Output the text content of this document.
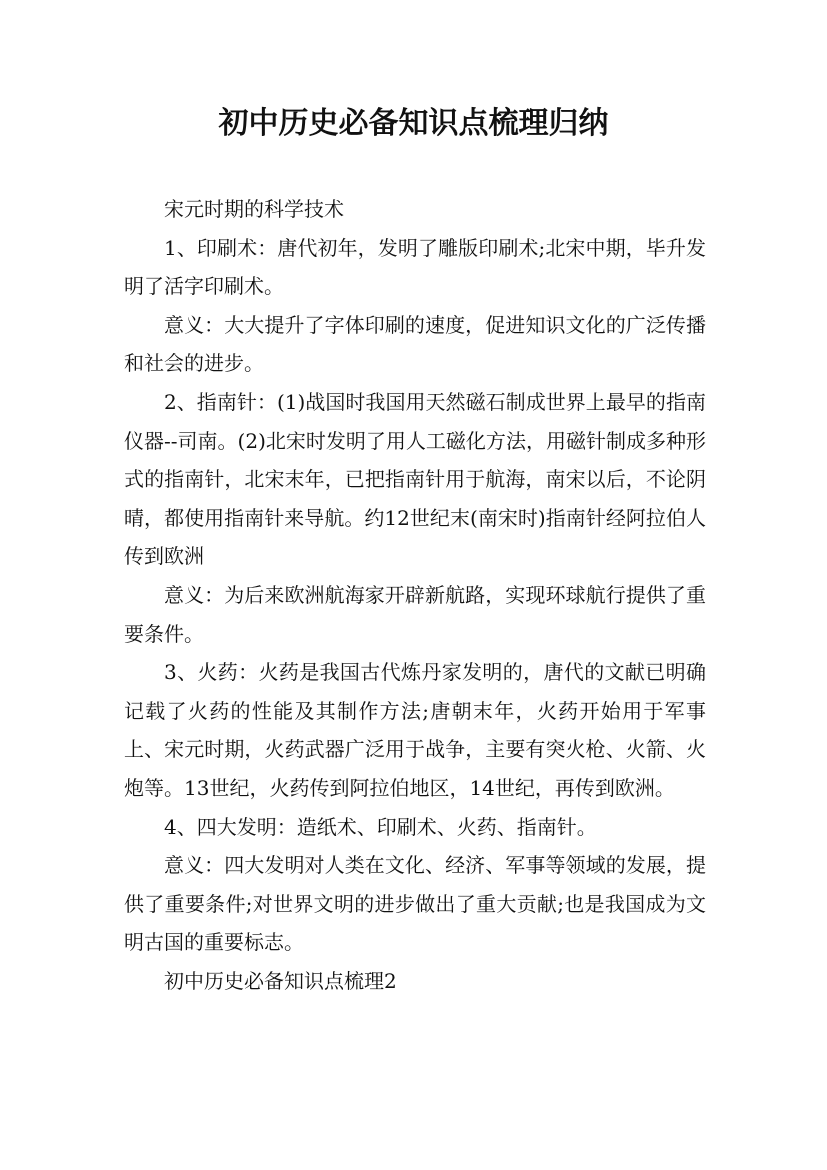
初中历史必备知识点梳理归纳

宋元时期的科学技术

1、印刷术：唐代初年，发明了雕版印刷术;北宋中期，毕升发明了活字印刷术。

意义：大大提升了字体印刷的速度，促进知识文化的广泛传播和社会的进步。

2、指南针：(1)战国时我国用天然磁石制成世界上最早的指南仪器--司南。(2)北宋时发明了用人工磁化方法，用磁针制成多种形式的指南针，北宋末年，已把指南针用于航海，南宋以后，不论阴晴，都使用指南针来导航。约12世纪末(南宋时)指南针经阿拉伯人传到欧洲

意义：为后来欧洲航海家开辟新航路，实现环球航行提供了重要条件。

3、火药：火药是我国古代炼丹家发明的，唐代的文献已明确记载了火药的性能及其制作方法;唐朝末年，火药开始用于军事上、宋元时期，火药武器广泛用于战争，主要有突火枪、火箭、火炮等。13世纪，火药传到阿拉伯地区，14世纪，再传到欧洲。

4、四大发明：造纸术、印刷术、火药、指南针。

意义：四大发明对人类在文化、经济、军事等领域的发展，提供了重要条件;对世界文明的进步做出了重大贡献;也是我国成为文明古国的重要标志。

初中历史必备知识点梳理2
